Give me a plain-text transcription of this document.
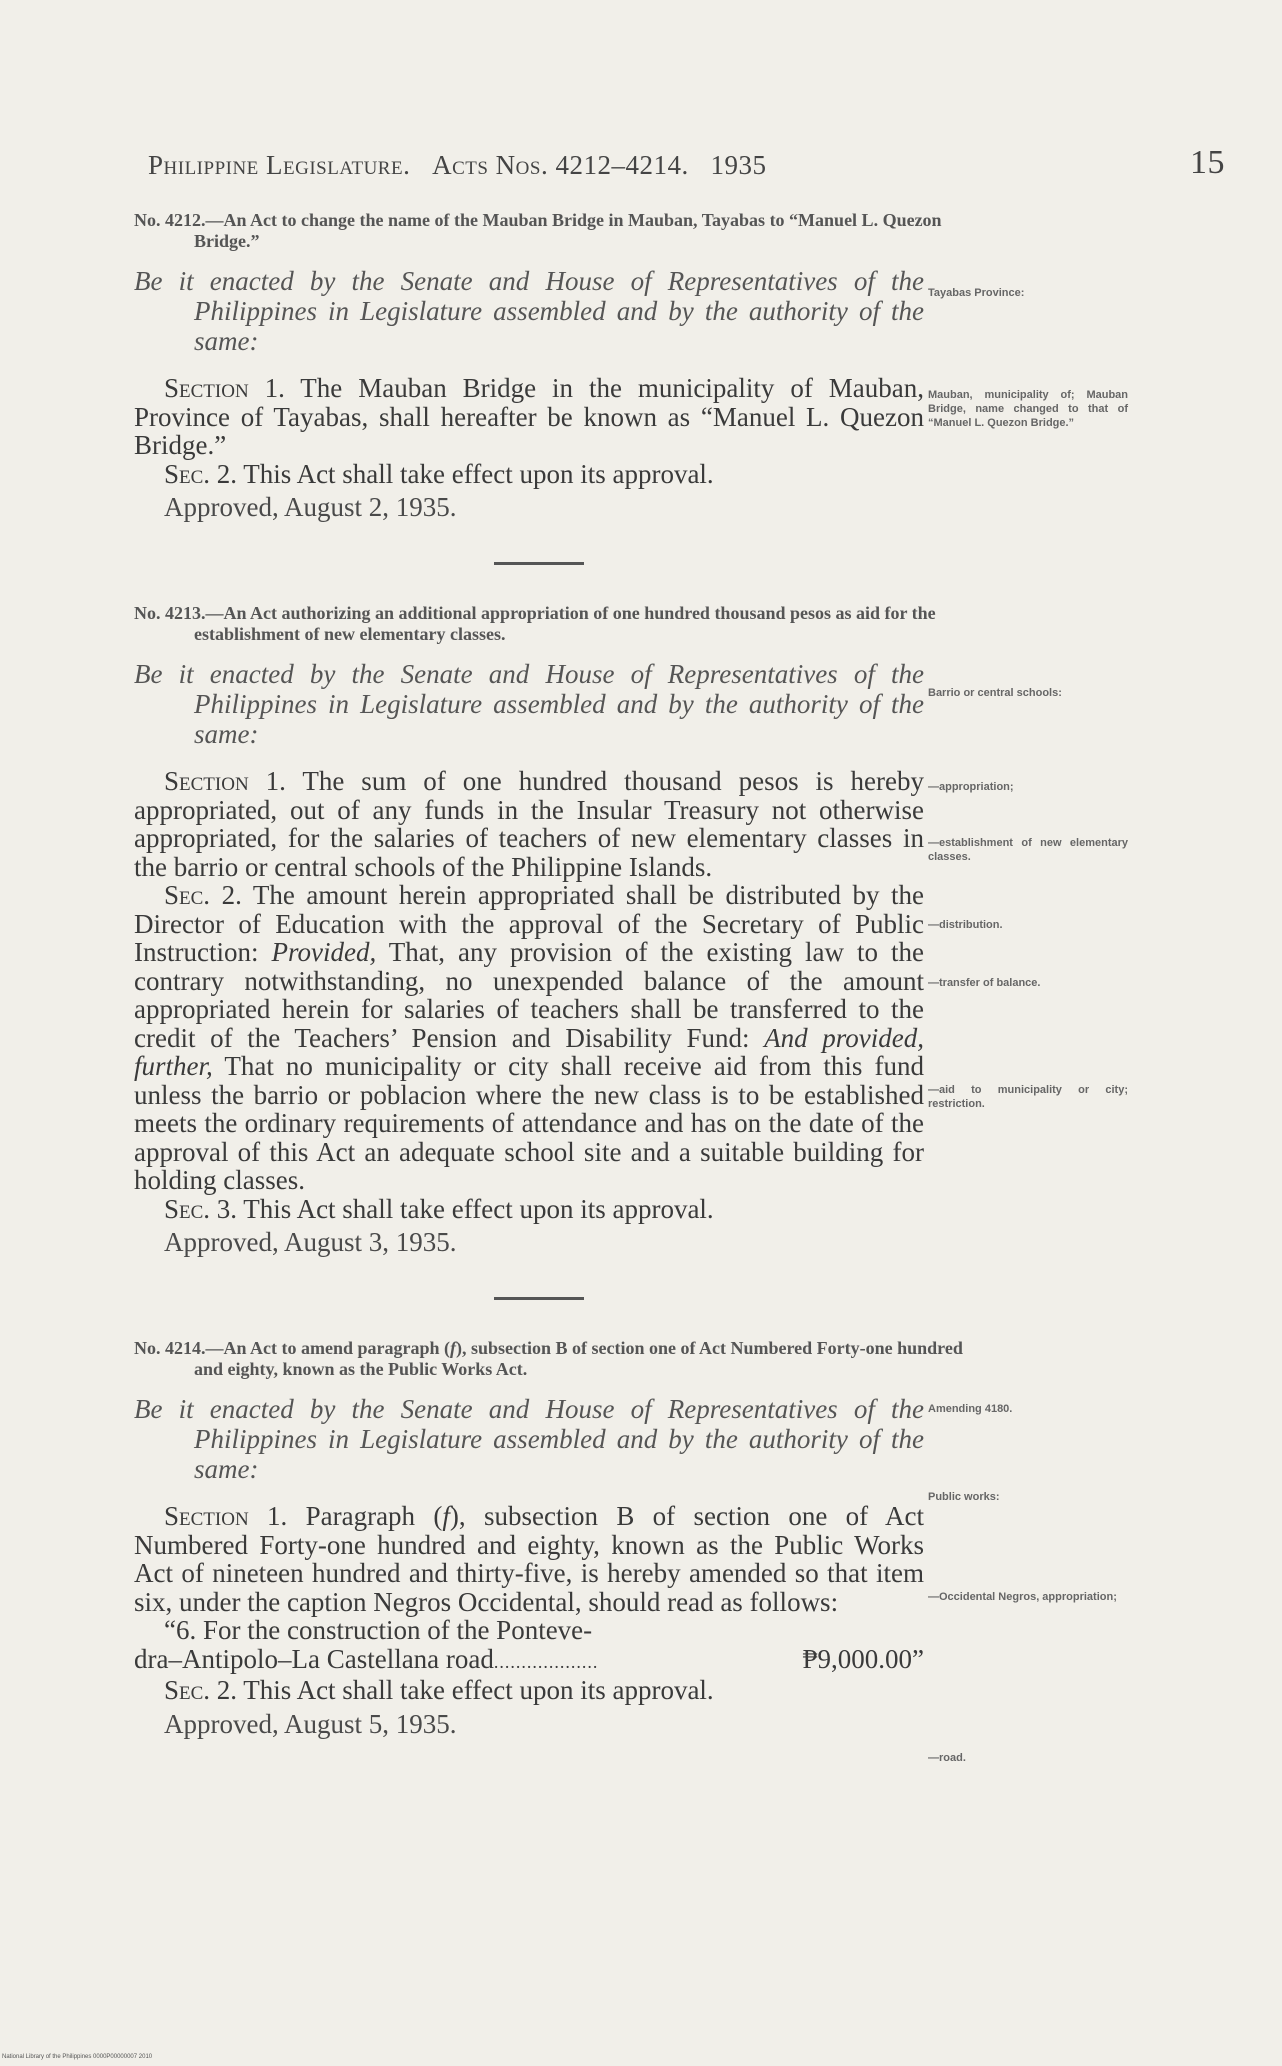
Philippine Legislature. Acts Nos. 4212–4214. 1935	15

No. 4212.—An Act to change the name of the Mauban Bridge in Mauban, Tayabas to “Manuel L. Quezon Bridge.”

Be it enacted by the Senate and House of Representatives of the Philippines in Legislature assembled and by the authority of the same:

Section 1. The Mauban Bridge in the municipality of Mauban, Province of Tayabas, shall hereafter be known as “Manuel L. Quezon Bridge.”

Sec. 2. This Act shall take effect upon its approval.

Approved, August 2, 1935.

No. 4213.—An Act authorizing an additional appropriation of one hundred thousand pesos as aid for the establishment of new elementary classes.

Be it enacted by the Senate and House of Representatives of the Philippines in Legislature assembled and by the authority of the same:

Section 1. The sum of one hundred thousand pesos is hereby appropriated, out of any funds in the Insular Treasury not otherwise appropriated, for the salaries of teachers of new elementary classes in the barrio or central schools of the Philippine Islands.

Sec. 2. The amount herein appropriated shall be distributed by the Director of Education with the approval of the Secretary of Public Instruction: Provided, That, any provision of the existing law to the contrary notwithstanding, no unexpended balance of the amount appropriated herein for salaries of teachers shall be transferred to the credit of the Teachers’ Pension and Disability Fund: And provided, further, That no municipality or city shall receive aid from this fund unless the barrio or poblacion where the new class is to be established meets the ordinary requirements of attendance and has on the date of the approval of this Act an adequate school site and a suitable building for holding classes.

Sec. 3. This Act shall take effect upon its approval.

Approved, August 3, 1935.

No. 4214.—An Act to amend paragraph (f), subsection B of section one of Act Numbered Forty-one hundred and eighty, known as the Public Works Act.

Be it enacted by the Senate and House of Representatives of the Philippines in Legislature assembled and by the authority of the same:

Section 1. Paragraph (f), subsection B of section one of Act Numbered Forty-one hundred and eighty, known as the Public Works Act of nineteen hundred and thirty-five, is hereby amended so that item six, under the caption Negros Occidental, should read as follows:

“6. For the construction of the Ponteve-

dra–Antipolo–La Castellana road...................	₱9,000.00”

Sec. 2. This Act shall take effect upon its approval.

Approved, August 5, 1935.

Tayabas Province:
Mauban, municipality of; Mauban Bridge, name changed to that of “Manuel L. Quezon Bridge.”
Barrio or central schools:
—appropriation;
—establishment of new elementary classes.
—distribution.
—transfer of balance.
—aid to municipality or city; restriction.
Amending 4180.
Public works:
—Occidental Negros, appropriation;
—road.
National Library of the Philippines 0000P00000007 2010
